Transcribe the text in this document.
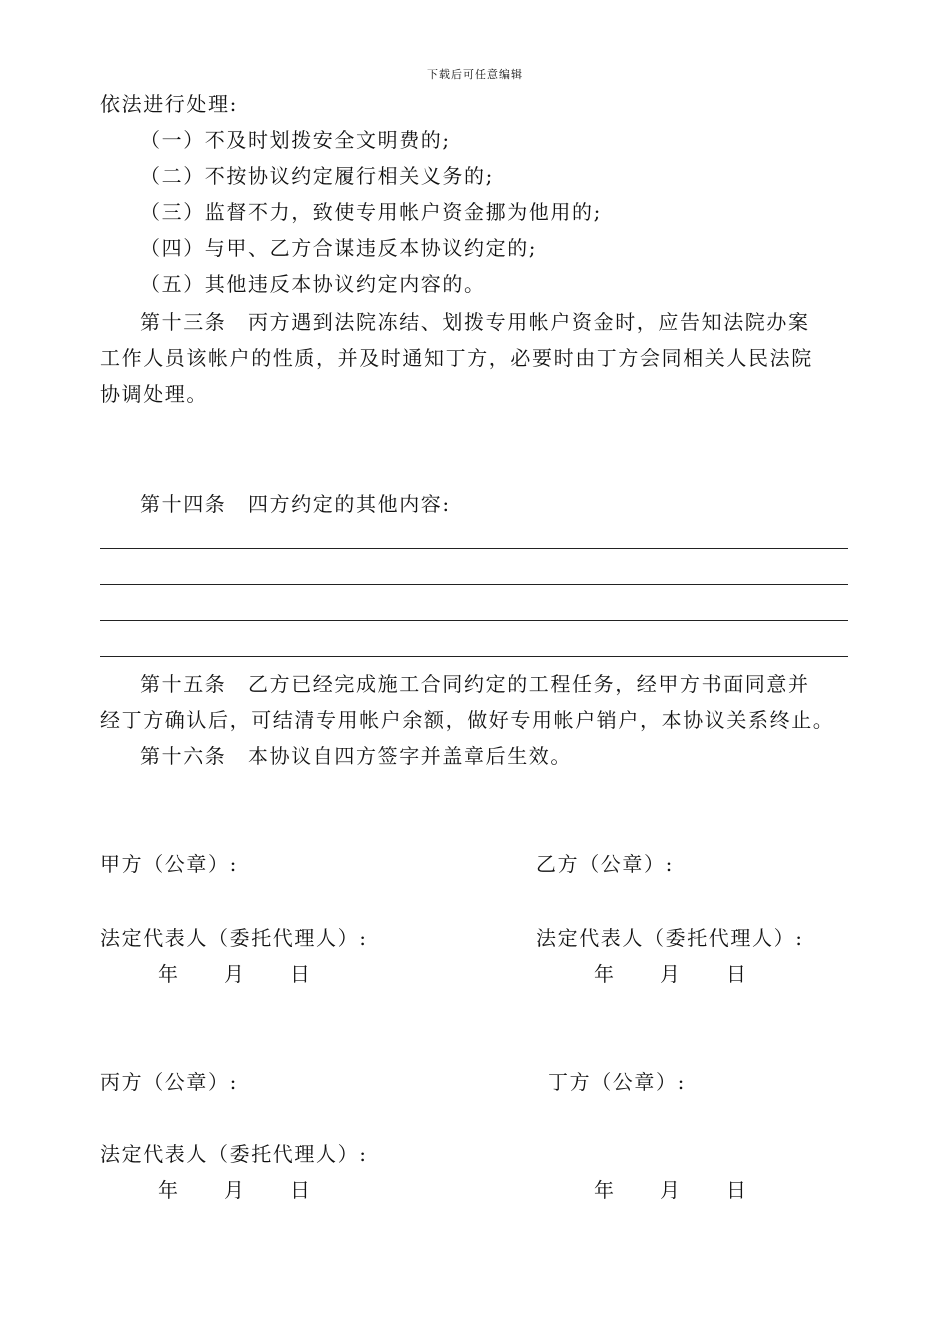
下载后可任意编辑
依法进行处理:
（一）不及时划拨安全文明费的;
（二）不按协议约定履行相关义务的;
（三）监督不力，致使专用帐户资金挪为他用的;
（四）与甲、乙方合谋违反本协议约定的;
（五）其他违反本协议约定内容的。
第十三条　丙方遇到法院冻结、划拨专用帐户资金时，应告知法院办案
工作人员该帐户的性质，并及时通知丁方，必要时由丁方会同相关人民法院
协调处理。
第十四条　四方约定的其他内容:
第十五条　乙方已经完成施工合同约定的工程任务，经甲方书面同意并
经丁方确认后，可结清专用帐户余额，做好专用帐户销户，本协议关系终止。
第十六条　本协议自四方签字并盖章后生效。
甲方（公章）:	乙方（公章）:
法定代表人（委托代理人）:	法定代表人（委托代理人）:
年　　月　　日	年　　月　　日
丙方（公章）:	丁方（公章）:
法定代表人（委托代理人）:
年　　月　　日	年　　月　　日
